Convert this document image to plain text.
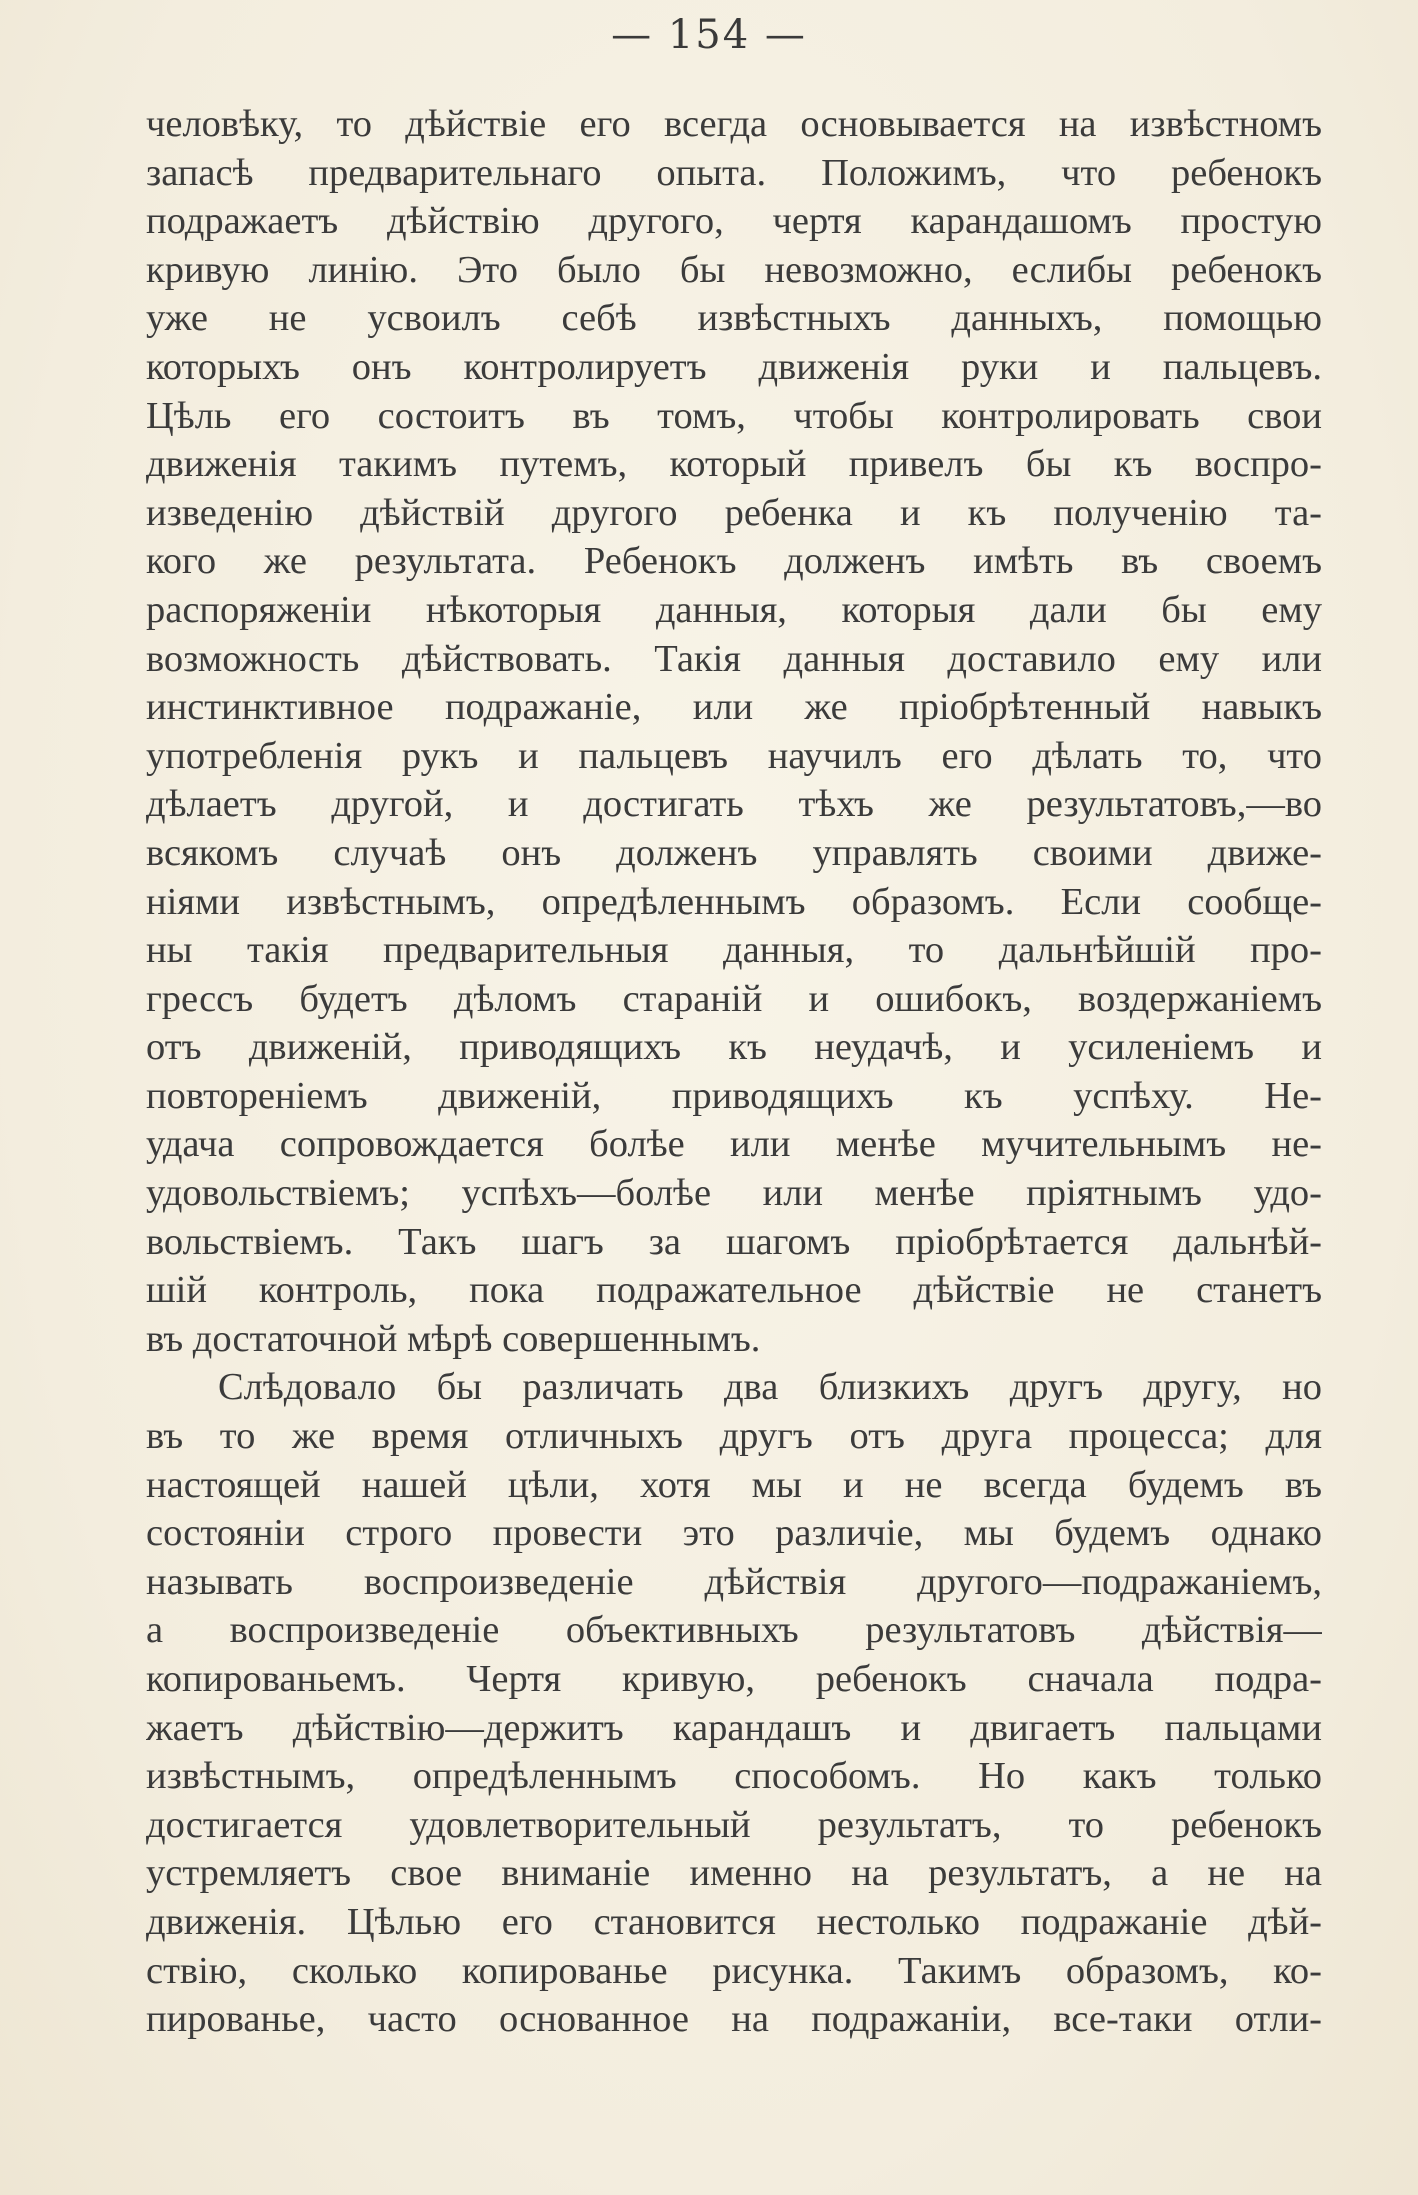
— 154 —
человѣку, то дѣйствіе его всегда основывается на извѣстномъ
запасѣ предварительнаго опыта. Положимъ, что ребенокъ
подражаетъ дѣйствію другого, чертя карандашомъ простую
кривую линію. Это было бы невозможно, еслибы ребенокъ
уже не усвоилъ себѣ извѣстныхъ данныхъ, помощью
которыхъ онъ контролируетъ движенія руки и пальцевъ.
Цѣль его состоитъ въ томъ, чтобы контролировать свои
движенія такимъ путемъ, который привелъ бы къ воспро-
изведенію дѣйствій другого ребенка и къ полученію та-
кого же результата. Ребенокъ долженъ имѣть въ своемъ
распоряженіи нѣкоторыя данныя, которыя дали бы ему
возможность дѣйствовать. Такія данныя доставило ему или
инстинктивное подражаніе, или же пріобрѣтенный навыкъ
употребленія рукъ и пальцевъ научилъ его дѣлать то, что
дѣлаетъ другой, и достигать тѣхъ же результатовъ,—во
всякомъ случаѣ онъ долженъ управлять своими движе-
ніями извѣстнымъ, опредѣленнымъ образомъ. Если сообще-
ны такія предварительныя данныя, то дальнѣйшій про-
грессъ будетъ дѣломъ стараній и ошибокъ, воздержаніемъ
отъ движеній, приводящихъ къ неудачѣ, и усиленіемъ и
повтореніемъ движеній, приводящихъ къ успѣху. Не-
удача сопровождается болѣе или менѣе мучительнымъ не-
удовольствіемъ; успѣхъ—болѣе или менѣе пріятнымъ удо-
вольствіемъ. Такъ шагъ за шагомъ пріобрѣтается дальнѣй-
шій контроль, пока подражательное дѣйствіе не станетъ
въ достаточной мѣрѣ совершеннымъ.
Слѣдовало бы различать два близкихъ другъ другу, но
въ то же время отличныхъ другъ отъ друга процесса; для
настоящей нашей цѣли, хотя мы и не всегда будемъ въ
состояніи строго провести это различіе, мы будемъ однако
называть воспроизведеніе дѣйствія другого—подражаніемъ,
а воспроизведеніе объективныхъ результатовъ дѣйствія—
копированьемъ. Чертя кривую, ребенокъ сначала подра-
жаетъ дѣйствію—держитъ карандашъ и двигаетъ пальцами
извѣстнымъ, опредѣленнымъ способомъ. Но какъ только
достигается удовлетворительный результатъ, то ребенокъ
устремляетъ свое вниманіе именно на результатъ, а не на
движенія. Цѣлью его становится нестолько подражаніе дѣй-
ствію, сколько копированье рисунка. Такимъ образомъ, ко-
пированье, часто основанное на подражаніи, все-таки отли-
